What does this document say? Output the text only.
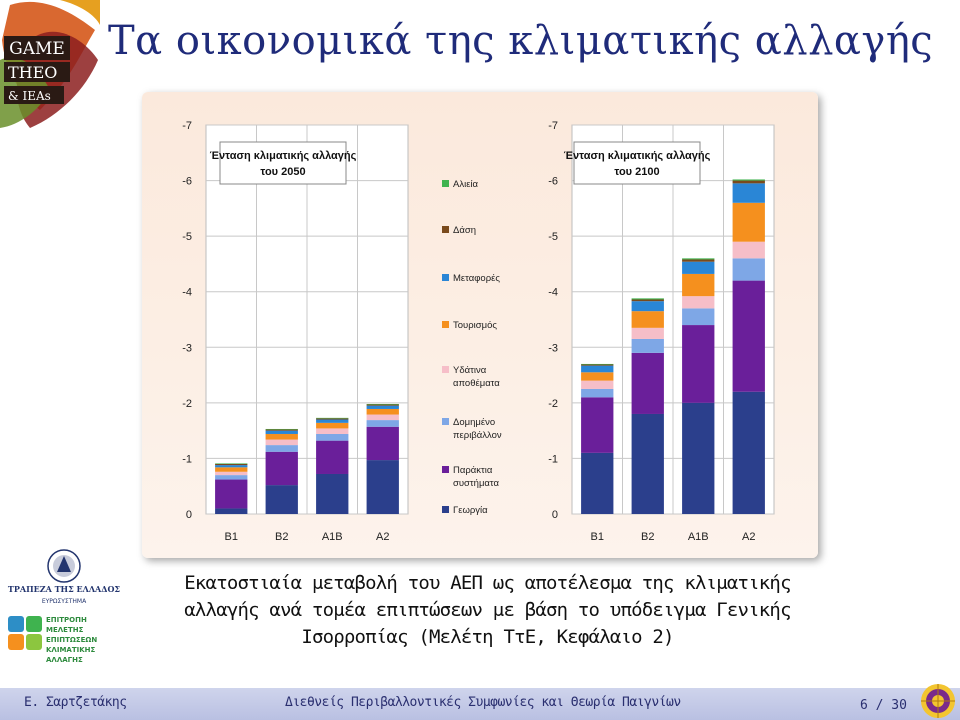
GAME
THEO
& IEAs
Τα οικονομικά της κλιματικής αλλαγής
0
-1
-2
-3
-4
-5
-6
-7
B1	B2	A1B	A2
Ένταση κλιματικής αλλαγής
του 2050
0
-1
-2
-3
-4
-5
-6
-7
B1	B2	A1B	A2
Ένταση κλιματικής αλλαγής
του 2100
Αλιεία
Δάση
Μεταφορές
Τουρισμός
Υδάτινα
αποθέματα
Δομημένο
περιβάλλον
Παράκτια
συστήματα
Γεωργία
ΤΡΑΠΕΖΑ ΤΗΣ ΕΛΛΑΔΟΣ
ΕΥΡΩΣΥΣΤΗΜΑ
ΕΠΙΤΡΟΠΗ
ΜΕΛΕΤΗΣ
ΕΠΙΠΤΩΣΕΩΝ
ΚΛΙΜΑΤΙΚΗΣ
ΑΛΛΑΓΗΣ
Εκατοστιαία μεταβολή του ΑΕΠ ως αποτέλεσμα της κλιματικής
αλλαγής ανά τομέα επιπτώσεων με βάση το υπόδειγμα Γενικής
Ισορροπίας (Μελέτη ΤτΕ, Κεφάλαιο 2)
Ε. Σαρτζετάκης	Διεθνείς Περιβαλλοντικές Συμφωνίες και Θεωρία Παιγνίων	6 / 30
